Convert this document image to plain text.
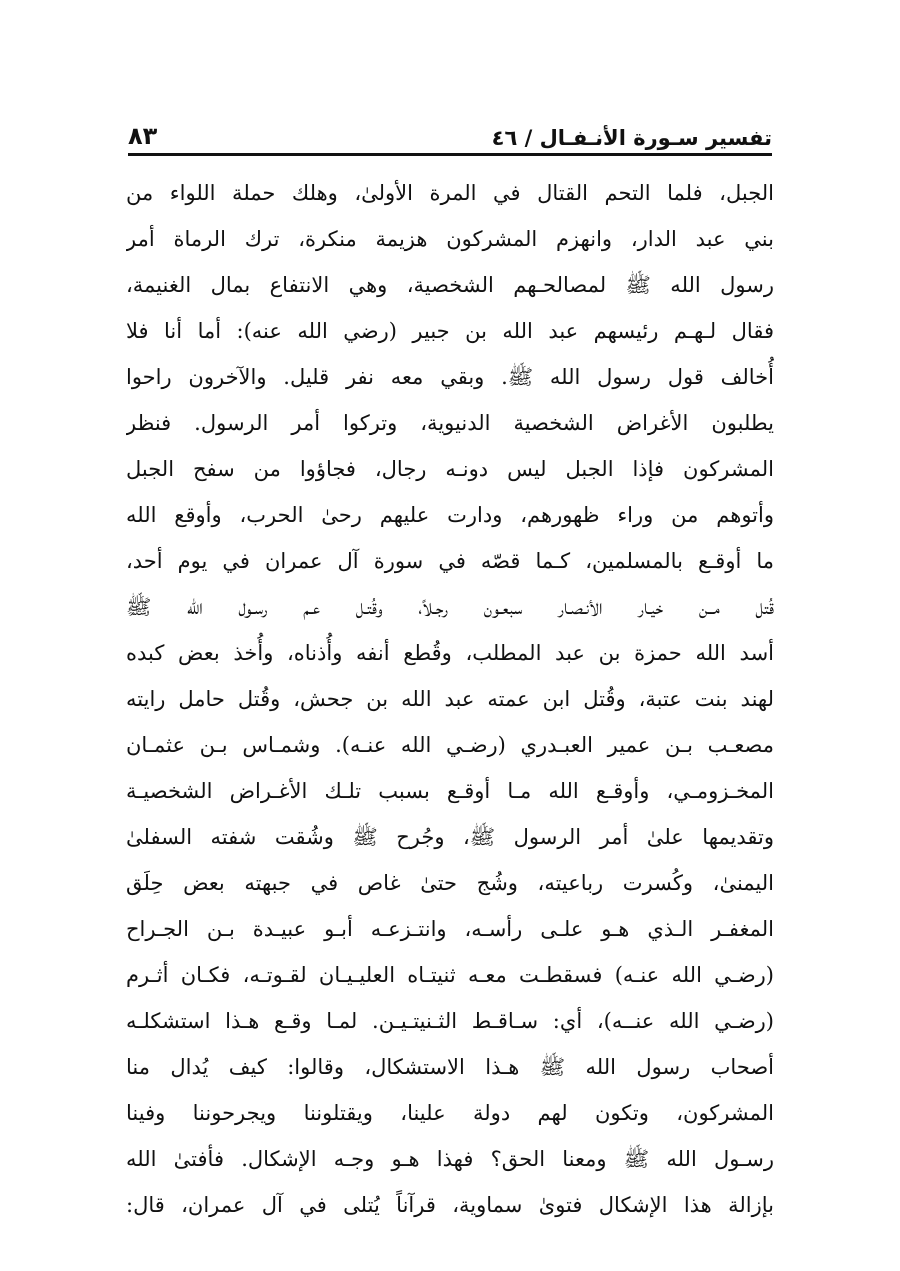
تفسير سـورة الأنـفـال / ٤٦
٨٣
الجبل، فلما التحم القتال في المرة الأولىٰ، وهلك حملة اللواء من
بني عبد الدار، وانهزم المشركون هزيمة منكرة، ترك الرماة أمر
رسول الله ﷺ لمصالحـهم الشخصية، وهي الانتفاع بمال الغنيمة،
فقال لـهـم رئيسهم عبد الله بن جبير (رضي الله عنه): أما أنا فلا
أُخالف قول رسول الله ﷺ. وبقي معه نفر قليل. والآخرون راحوا
يطلبون الأغراض الشخصية الدنيوية، وتركوا أمر الرسول. فنظر
المشركون فإذا الجبل ليس دونـه رجال، فجاؤوا من سفح الجبل
وأتوهم من وراء ظهورهم، ودارت عليهم رحىٰ الحرب، وأوقع الله
ما أوقـع بالمسلمين، كـما قصّه في سورة آل عمران في يوم أحد،
قُتل مــن خيـار الأنـصـار سبعـون رجـلاً، وقُتـل عـم رسـول الله ﷺ
أسد الله حمزة بن عبد المطلب، وقُطع أنفه وأُذناه، وأُخذ بعض كبده
لهند بنت عتبة، وقُتل ابن عمته عبد الله بن جحش، وقُتل حامل رايته
مصعـب بـن عمير العبـدري (رضـي الله عنـه). وشمـاس بـن عثمـان
المخـزومـي، وأوقـع الله مـا أوقـع بسبب تلـك الأغـراض الشخصيـة
وتقديمها علىٰ أمر الرسول ﷺ، وجُرح ﷺ وشُقت شفته السفلىٰ
اليمنىٰ، وكُسرت رباعيته، وشُج حتىٰ غاص في جبهته بعض حِلَق
المغفـر الـذي هـو علـى رأسـه، وانتـزعـه أبـو عبيـدة بـن الجـراح
(رضـي الله عنـه) فسقطـت معـه ثنيتـاه العليـيـان لقـوتـه، فكـان أثـرم
(رضـي الله عنــه)، أي: سـاقـط الثـنيتـيـن. لمـا وقـع هـذا استشكلـه
أصحاب رسول الله ﷺ هـذا الاستشكال، وقالوا: كيف يُدال منا
المشركون، وتكون لهم دولة علينا، ويقتلوننا ويجرحوننا وفينا
رسـول الله ﷺ ومعنا الحق؟ فهذا هـو وجـه الإشكال. فأفتىٰ الله
بإزالة هذا الإشكال فتوىٰ سماوية، قرآناً يُتلى في آل عمران، قال:
